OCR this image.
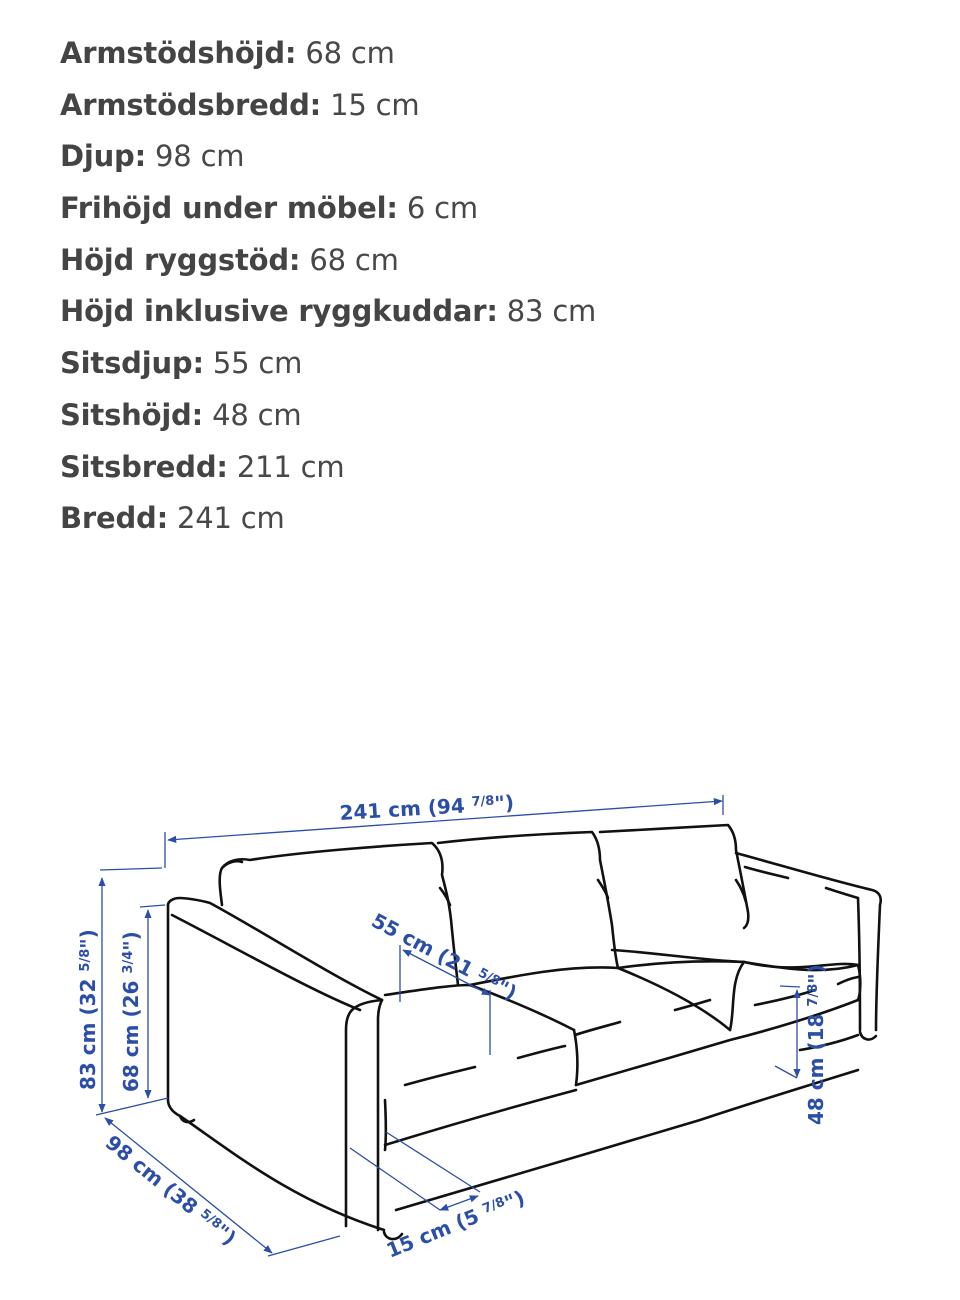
Armstödshöjd: 68 cm
Armstödsbredd: 15 cm
Djup: 98 cm
Frihöjd under möbel: 6 cm
Höjd ryggstöd: 68 cm
Höjd inklusive ryggkuddar: 83 cm
Sitsdjup: 55 cm
Sitshöjd: 48 cm
Sitsbredd: 211 cm
Bredd: 241 cm
241 cm (94 $^{7/8}$")
83 cm (32 $^{5/8}$")
68 cm (26 $^{3/4}$")	55 cm (21 $^{5/8}$")
48 cm (18 $^{7/8}$")
98 cm (38 $^{5/8}$")	15 cm (5 $^{7/8}$")
